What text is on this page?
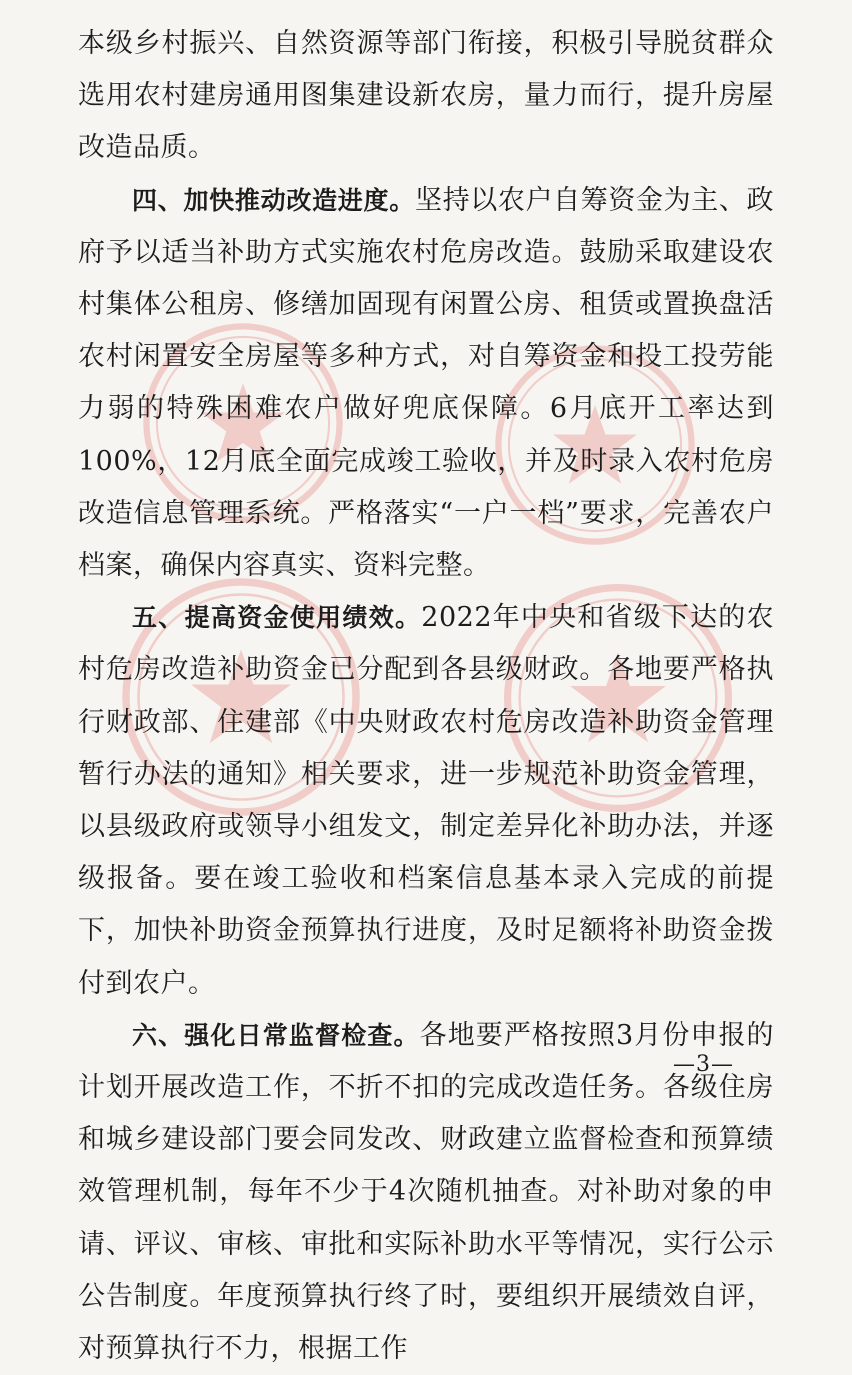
本级乡村振兴、自然资源等部门衔接，积极引导脱贫群众选用农村建房通用图集建设新农房，量力而行，提升房屋改造品质。

四、加快推动改造进度。坚持以农户自筹资金为主、政府予以适当补助方式实施农村危房改造。鼓励采取建设农村集体公租房、修缮加固现有闲置公房、租赁或置换盘活农村闲置安全房屋等多种方式，对自筹资金和投工投劳能力弱的特殊困难农户做好兜底保障。6月底开工率达到100%，12月底全面完成竣工验收，并及时录入农村危房改造信息管理系统。严格落实“一户一档”要求，完善农户档案，确保内容真实、资料完整。

五、提高资金使用绩效。2022年中央和省级下达的农村危房改造补助资金已分配到各县级财政。各地要严格执行财政部、住建部《中央财政农村危房改造补助资金管理暂行办法的通知》相关要求，进一步规范补助资金管理，以县级政府或领导小组发文，制定差异化补助办法，并逐级报备。要在竣工验收和档案信息基本录入完成的前提下，加快补助资金预算执行进度，及时足额将补助资金拨付到农户。

六、强化日常监督检查。各地要严格按照3月份申报的计划开展改造工作，不折不扣的完成改造任务。各级住房和城乡建设部门要会同发改、财政建立监督检查和预算绩效管理机制，每年不少于4次随机抽查。对补助对象的申请、评议、审核、审批和实际补助水平等情况，实行公示公告制度。年度预算执行终了时，要组织开展绩效自评，对预算执行不力，根据工作

—3—
